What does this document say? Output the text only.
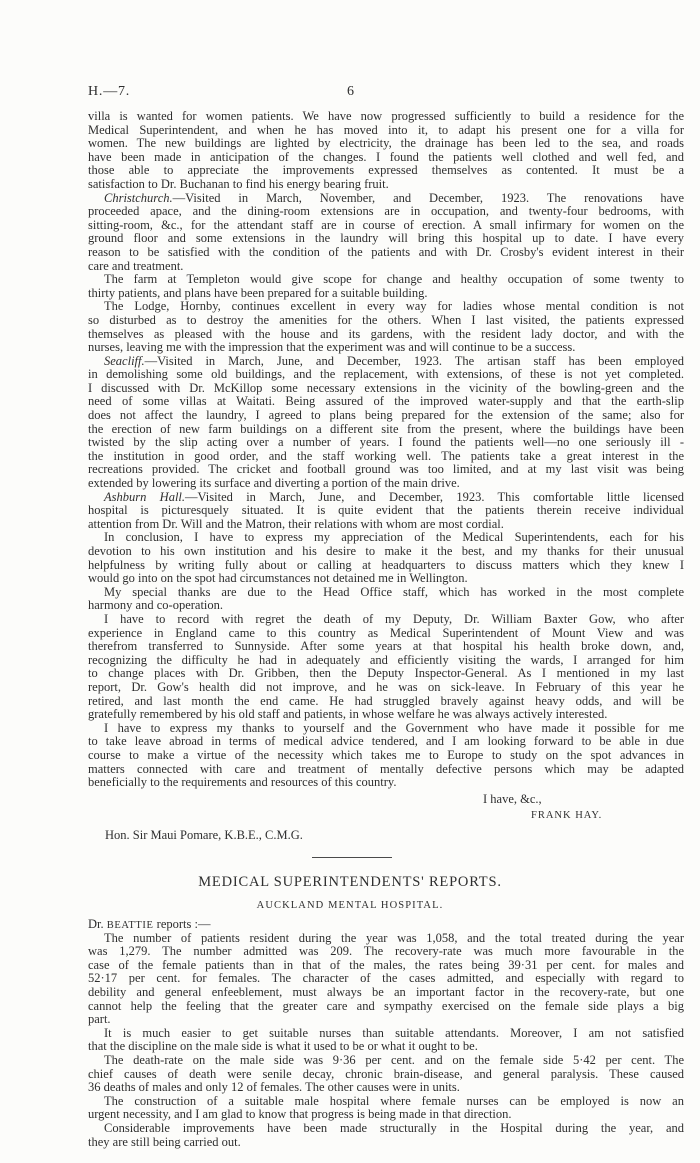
H.—7.	6
villa is wanted for women patients. We have now progressed sufficiently to build a residence for the
Medical Superintendent, and when he has moved into it, to adapt his present one for a villa for
women. The new buildings are lighted by electricity, the drainage has been led to the sea, and roads
have been made in anticipation of the changes. I found the patients well clothed and well fed, and
those able to appreciate the improvements expressed themselves as contented. It must be a
satisfaction to Dr. Buchanan to find his energy bearing fruit.
Christchurch.—Visited in March, November, and December, 1923. The renovations have
proceeded apace, and the dining-room extensions are in occupation, and twenty-four bedrooms, with
sitting-room, &c., for the attendant staff are in course of erection. A small infirmary for women on the
ground floor and some extensions in the laundry will bring this hospital up to date. I have every
reason to be satisfied with the condition of the patients and with Dr. Crosby's evident interest in their
care and treatment.
The farm at Templeton would give scope for change and healthy occupation of some twenty to
thirty patients, and plans have been prepared for a suitable building.
The Lodge, Hornby, continues excellent in every way for ladies whose mental condition is not
so disturbed as to destroy the amenities for the others. When I last visited, the patients expressed
themselves as pleased with the house and its gardens, with the resident lady doctor, and with the
nurses, leaving me with the impression that the experiment was and will continue to be a success.
Seacliff.—Visited in March, June, and December, 1923. The artisan staff has been employed
in demolishing some old buildings, and the replacement, with extensions, of these is not yet completed.
I discussed with Dr. McKillop some necessary extensions in the vicinity of the bowling-green and the
need of some villas at Waitati. Being assured of the improved water-supply and that the earth-slip
does not affect the laundry, I agreed to plans being prepared for the extension of the same; also for
the erection of new farm buildings on a different site from the present, where the buildings have been
twisted by the slip acting over a number of years. I found the patients well—no one seriously ill -
the institution in good order, and the staff working well. The patients take a great interest in the
recreations provided. The cricket and football ground was too limited, and at my last visit was being
extended by lowering its surface and diverting a portion of the main drive.
Ashburn Hall.—Visited in March, June, and December, 1923. This comfortable little licensed
hospital is picturesquely situated. It is quite evident that the patients therein receive individual
attention from Dr. Will and the Matron, their relations with whom are most cordial.
In conclusion, I have to express my appreciation of the Medical Superintendents, each for his
devotion to his own institution and his desire to make it the best, and my thanks for their unusual
helpfulness by writing fully about or calling at headquarters to discuss matters which they knew I
would go into on the spot had circumstances not detained me in Wellington.
My special thanks are due to the Head Office staff, which has worked in the most complete
harmony and co-operation.
I have to record with regret the death of my Deputy, Dr. William Baxter Gow, who after
experience in England came to this country as Medical Superintendent of Mount View and was
therefrom transferred to Sunnyside. After some years at that hospital his health broke down, and,
recognizing the difficulty he had in adequately and efficiently visiting the wards, I arranged for him
to change places with Dr. Gribben, then the Deputy Inspector-General. As I mentioned in my last
report, Dr. Gow's health did not improve, and he was on sick-leave. In February of this year he
retired, and last month the end came. He had struggled bravely against heavy odds, and will be
gratefully remembered by his old staff and patients, in whose welfare he was always actively interested.
I have to express my thanks to yourself and the Government who have made it possible for me
to take leave abroad in terms of medical advice tendered, and I am looking forward to be able in due
course to make a virtue of the necessity which takes me to Europe to study on the spot advances in
matters connected with care and treatment of mentally defective persons which may be adapted
beneficially to the requirements and resources of this country.
I have, &c.,
FRANK HAY.
Hon. Sir Maui Pomare, K.B.E., C.M.G.
MEDICAL SUPERINTENDENTS' REPORTS.
AUCKLAND MENTAL HOSPITAL.
Dr. BEATTIE reports :—
The number of patients resident during the year was 1,058, and the total treated during the year
was 1,279. The number admitted was 209. The recovery-rate was much more favourable in the
case of the female patients than in that of the males, the rates being 39·31 per cent. for males and
52·17 per cent. for females. The character of the cases admitted, and especially with regard to
debility and general enfeeblement, must always be an important factor in the recovery-rate, but one
cannot help the feeling that the greater care and sympathy exercised on the female side plays a big
part.
It is much easier to get suitable nurses than suitable attendants. Moreover, I am not satisfied
that the discipline on the male side is what it used to be or what it ought to be.
The death-rate on the male side was 9·36 per cent. and on the female side 5·42 per cent. The
chief causes of death were senile decay, chronic brain-disease, and general paralysis. These caused
36 deaths of males and only 12 of females. The other causes were in units.
The construction of a suitable male hospital where female nurses can be employed is now an
urgent necessity, and I am glad to know that progress is being made in that direction.
Considerable improvements have been made structurally in the Hospital during the year, and
they are still being carried out.
